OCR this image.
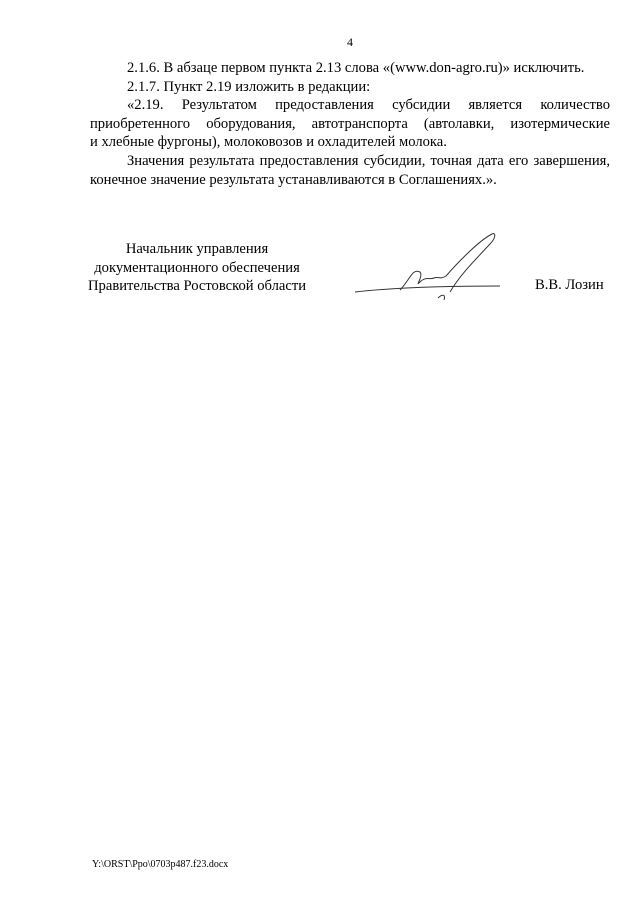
4
2.1.6. В абзаце первом пункта 2.13 слова «(www.don-agro.ru)» исключить.
2.1.7. Пункт 2.19 изложить в редакции:
«2.19. Результатом предоставления субсидии является количество
приобретенного оборудования, автотранспорта (автолавки, изотермические
и хлебные фургоны), молоковозов и охладителей молока.
Значения результата предоставления субсидии, точная дата его завершения,
конечное значение результата устанавливаются в Соглашениях.».
Начальник управления
документационного обеспечения
Правительства Ростовской области	В.В. Лозин
Y:\ORST\Ppo\0703p487.f23.docx
